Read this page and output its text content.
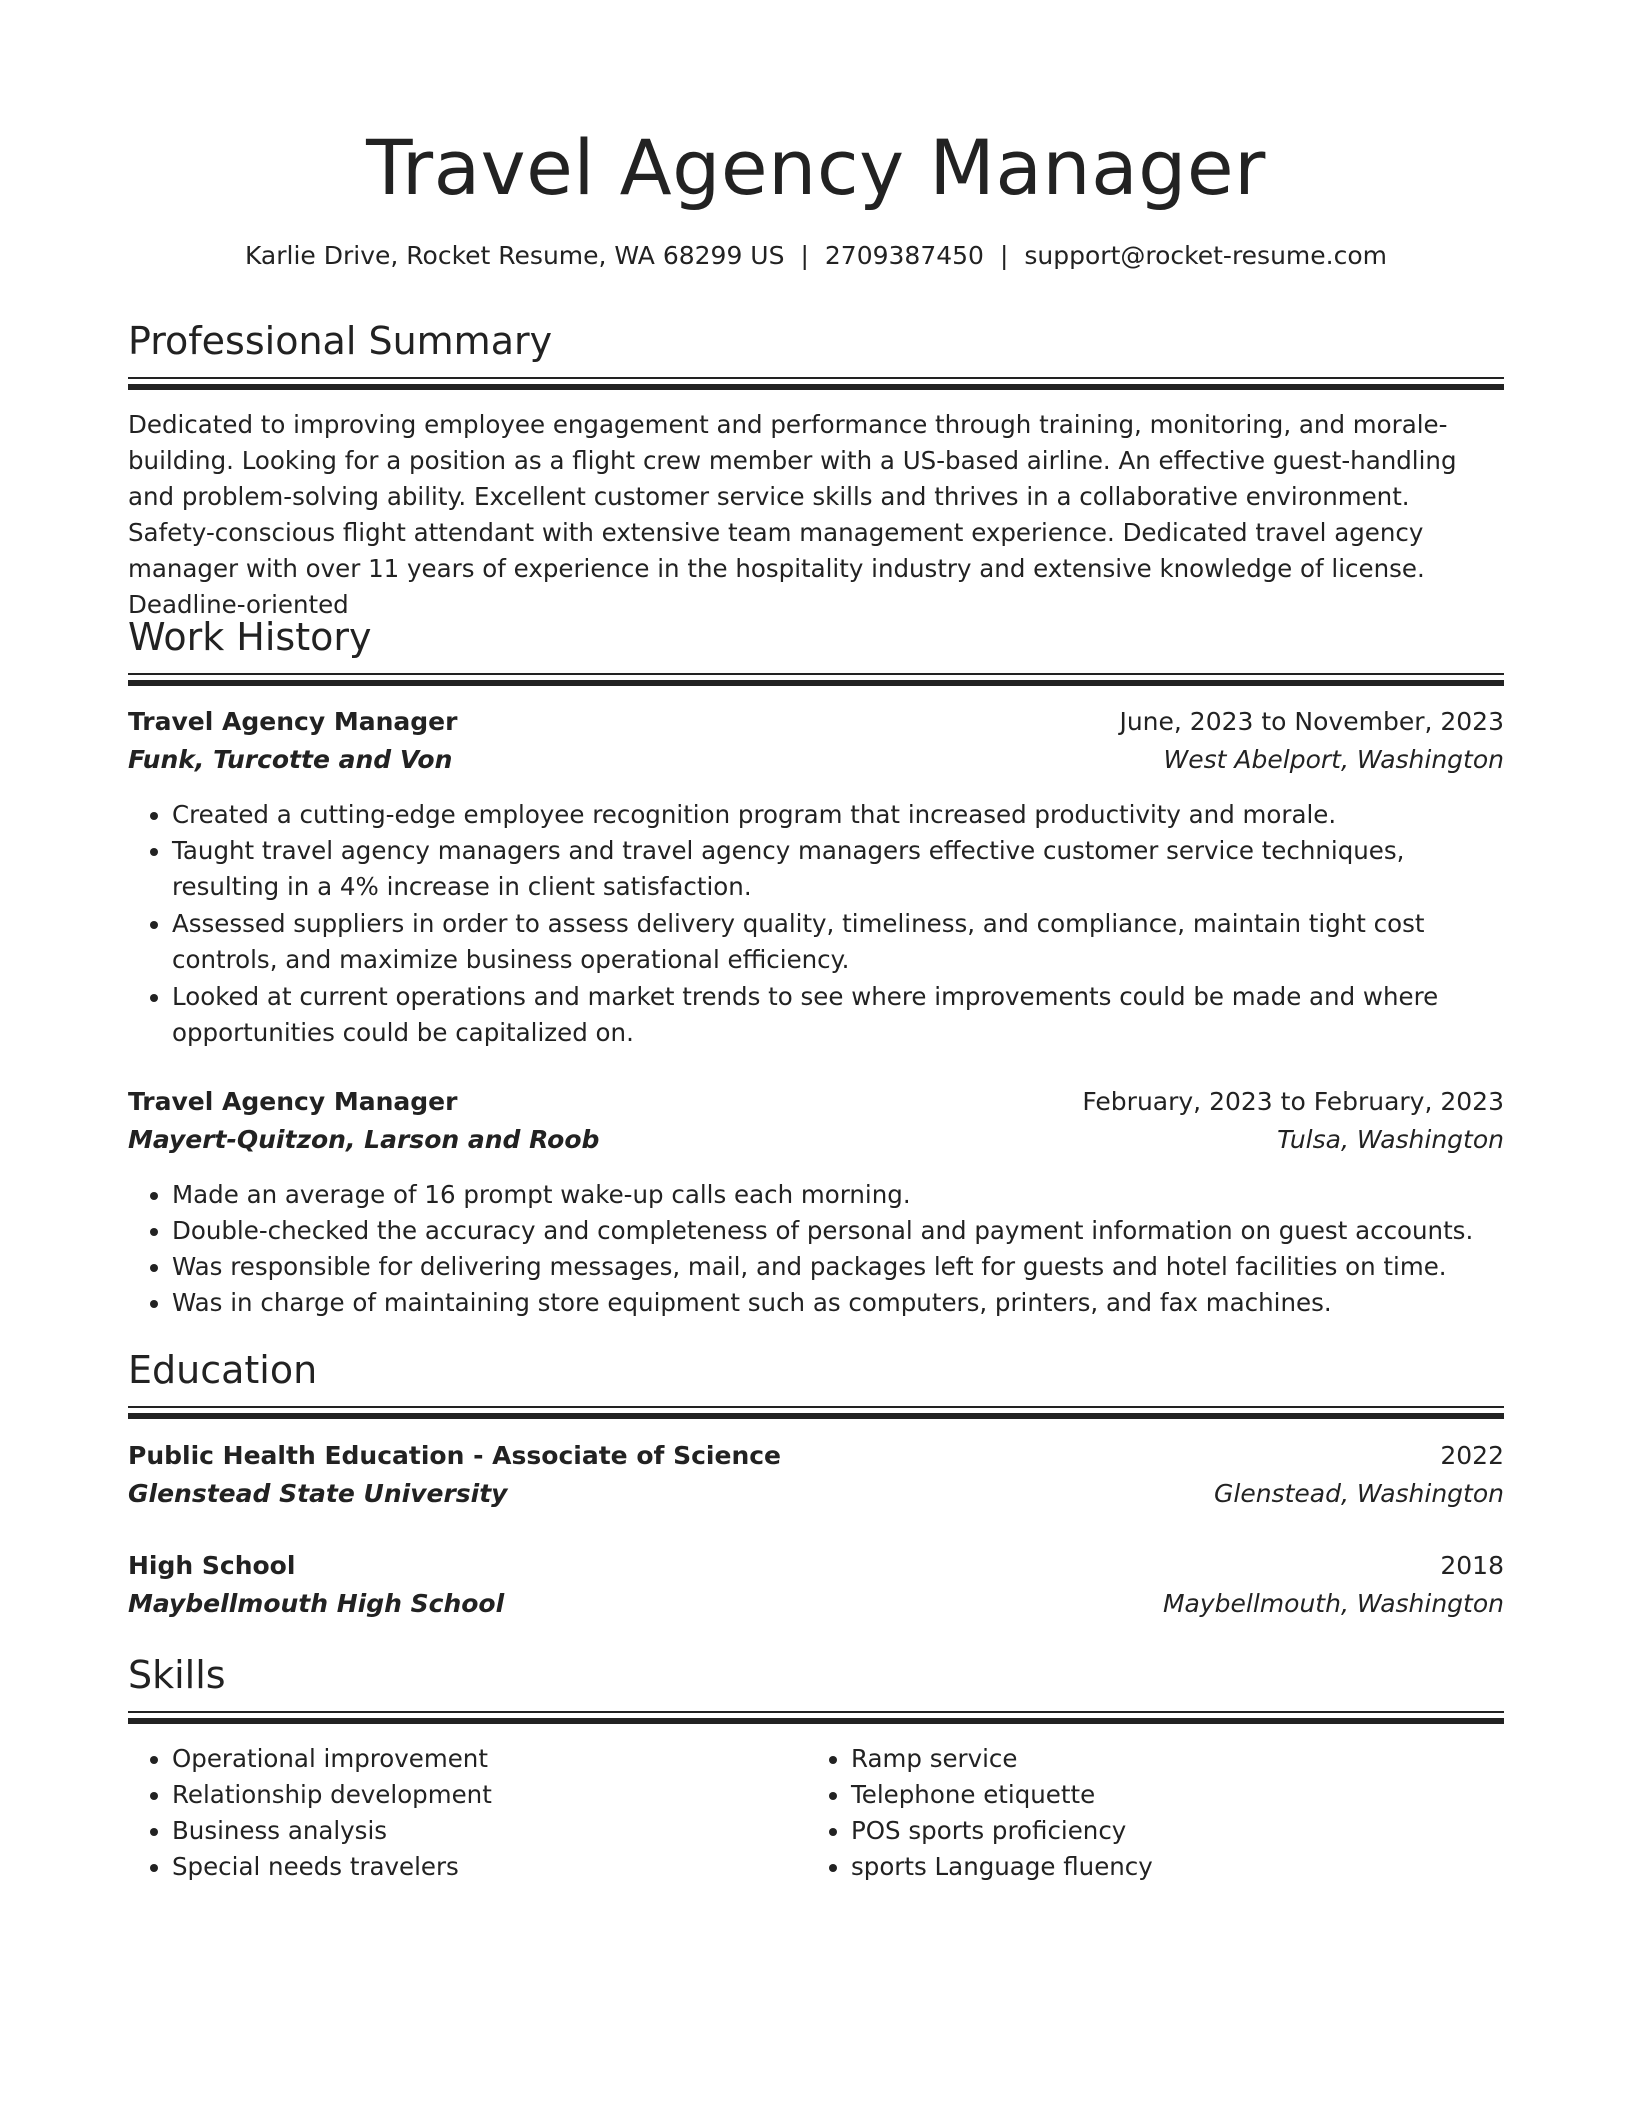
Travel Agency Manager
Karlie Drive, Rocket Resume, WA 68299 US | 2709387450 | support@rocket-resume.com
Professional Summary

Dedicated to improving employee engagement and performance through training, monitoring, and morale-building. Looking for a position as a flight crew member with a US-based airline. An effective guest-handling and problem-solving ability. Excellent customer service skills and thrives in a collaborative environment. Safety-conscious flight attendant with extensive team management experience. Dedicated travel agency manager with over 11 years of experience in the hospitality industry and extensive knowledge of license. Deadline-oriented

Work History
Travel Agency Manager	June, 2023 to November, 2023
Funk, Turcotte and Von	West Abelport, Washington
• Created a cutting-edge employee recognition program that increased productivity and morale.
• Taught travel agency managers and travel agency managers effective customer service techniques, resulting in a 4% increase in client satisfaction.
• Assessed suppliers in order to assess delivery quality, timeliness, and compliance, maintain tight cost controls, and maximize business operational efficiency.
• Looked at current operations and market trends to see where improvements could be made and where opportunities could be capitalized on.
Travel Agency Manager	February, 2023 to February, 2023
Mayert-Quitzon, Larson and Roob	Tulsa, Washington
• Made an average of 16 prompt wake-up calls each morning.
• Double-checked the accuracy and completeness of personal and payment information on guest accounts.
• Was responsible for delivering messages, mail, and packages left for guests and hotel facilities on time.
• Was in charge of maintaining store equipment such as computers, printers, and fax machines.
Education
Public Health Education - Associate of Science	2022
Glenstead State University	Glenstead, Washington
High School	2018
Maybellmouth High School	Maybellmouth, Washington
Skills
• Operational improvement
• Relationship development
• Business analysis
• Special needs travelers
• Ramp service
• Telephone etiquette
• POS sports proficiency
• sports Language fluency
